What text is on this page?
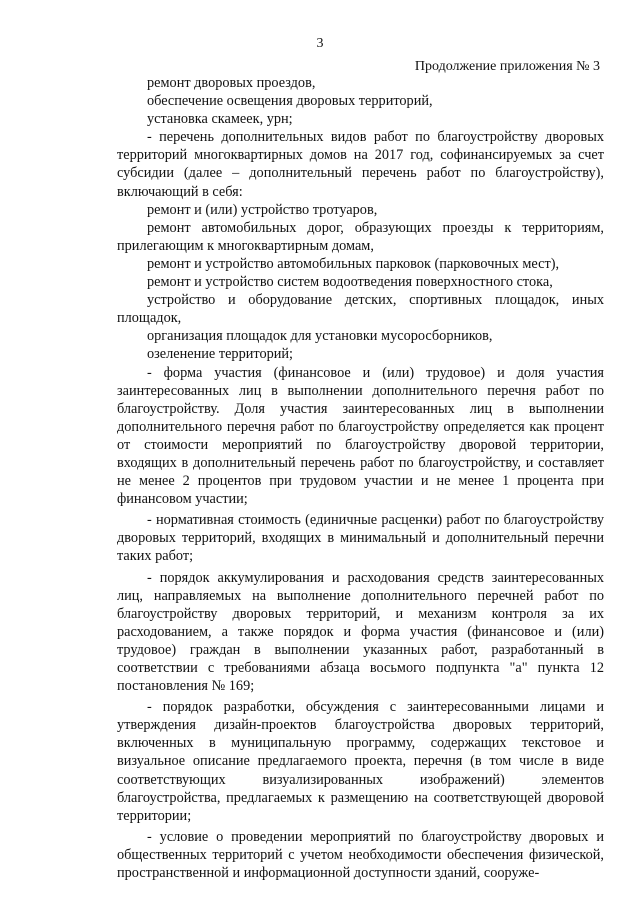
3
Продолжение приложения № 3

ремонт дворовых проездов,

обеспечение освещения дворовых территорий,

установка скамеек, урн;

- перечень дополнительных видов работ по благоустройству дворовых территорий многоквартирных домов на 2017 год, софинансируемых за счет субсидии (далее – дополнительный перечень работ по благоустройству), включающий в себя:

ремонт и (или) устройство тротуаров,

ремонт автомобильных дорог, образующих проезды к территориям, прилегающим к многоквартирным домам,

ремонт и устройство автомобильных парковок (парковочных мест),

ремонт и устройство систем водоотведения поверхностного стока,

устройство и оборудование детских, спортивных площадок, иных площадок,

организация площадок для установки мусоросборников,

озеленение территорий;

- форма участия (финансовое и (или) трудовое) и доля участия заинтересованных лиц в выполнении дополнительного перечня работ по благоустройству. Доля участия заинтересованных лиц в выполнении дополнительного перечня работ по благоустройству определяется как процент от стоимости мероприятий по благоустройству дворовой территории, входящих в дополнительный перечень работ по благоустройству, и составляет не менее 2 процентов при трудовом участии и не менее 1 процента при финансовом участии;

- нормативная стоимость (единичные расценки) работ по благоустройству дворовых территорий, входящих в минимальный и дополнительный перечни таких работ;

- порядок аккумулирования и расходования средств заинтересованных лиц, направляемых на выполнение дополнительного перечней работ по благоустройству дворовых территорий, и механизм контроля за их расходованием, а также порядок и форма участия (финансовое и (или) трудовое) граждан в выполнении указанных работ, разработанный в соответствии с требованиями абзаца восьмого подпункта "а" пункта 12 постановления № 169;

- порядок разработки, обсуждения с заинтересованными лицами и утверждения дизайн-проектов благоустройства дворовых территорий, включенных в муниципальную программу, содержащих текстовое и визуальное описание предлагаемого проекта, перечня (в том числе в виде соответствующих визуализированных изображений) элементов благоустройства, предлагаемых к размещению на соответствующей дворовой территории;

- условие о проведении мероприятий по благоустройству дворовых и общественных территорий с учетом необходимости обеспечения физической, пространственной и информационной доступности зданий, сооруже-
